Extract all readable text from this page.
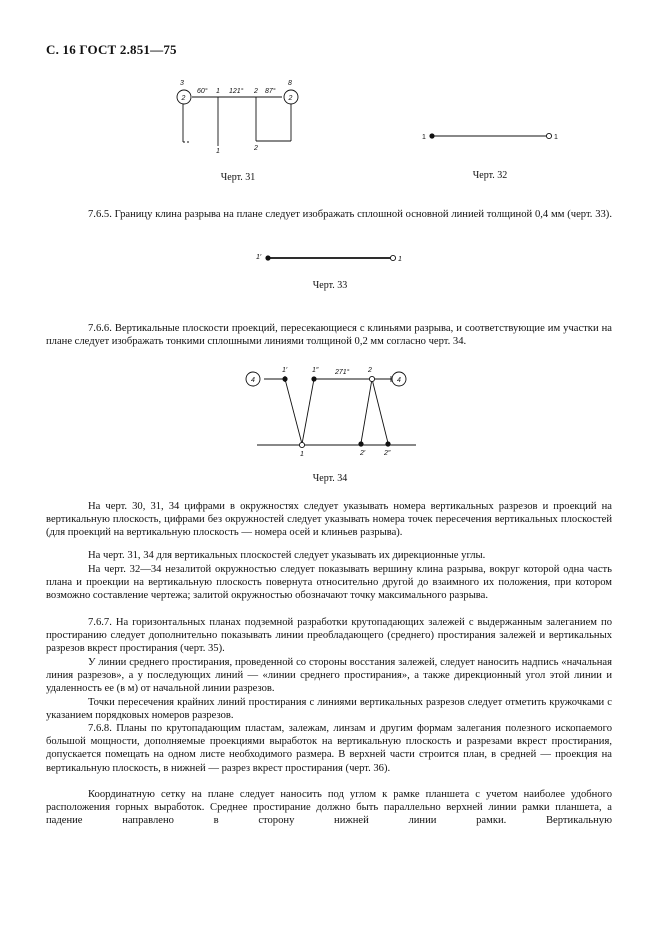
С. 16 ГОСТ 2.851—75
3
2
8
2
60° 1 121° 2 87°
1	2
Черт. 31
1	1
Черт. 32

7.6.5. Границу клина разрыва на плане следует изображать сплошной основной линией толщиной 0,4 мм (черт. 33).

1′	1
Черт. 33

7.6.6. Вертикальные плоскости проекций, пересекающиеся с клиньями разрыва, и соответствующие им участки на плане следует изображать тонкими сплошными линиями толщиной 0,2 мм согласно черт. 34.

4	4
1′	1″ 271°	2
1	2′	2″
Черт. 34

На черт. 30, 31, 34 цифрами в окружностях следует указывать номера вертикальных разрезов и проекций на вертикальную плоскость, цифрами без окружностей следует указывать номера точек пересечения вертикальных плоскостей (для проекций на вертикальную плоскость — номера осей и клиньев разрыва).

На черт. 31, 34 для вертикальных плоскостей следует указывать их дирекционные углы.

На черт. 32—34 незалитой окружностью следует показывать вершину клина разрыва, вокруг которой одна часть плана и проекции на вертикальную плоскость повернута относительно другой до взаимного их положения, при котором возможно составление чертежа; залитой окружностью обозначают точку максимального разрыва.

7.6.7. На горизонтальных планах подземной разработки крутопадающих залежей с выдержанным залеганием по простиранию следует дополнительно показывать линии преобладающего (среднего) простирания залежей и вертикальных разрезов вкрест простирания (черт. 35).

У линии среднего простирания, проведенной со стороны восстания залежей, следует наносить надпись «начальная линия разрезов», а у последующих линий — «линии среднего простирания», а также дирекционный угол этой линии и удаленность ее (в м) от начальной линии разрезов.

Точки пересечения крайних линий простирания с линиями вертикальных разрезов следует отметить кружочками с указанием порядковых номеров разрезов.

7.6.8. Планы по крутопадающим пластам, залежам, линзам и другим формам залегания полезного ископаемого большой мощности, дополняемые проекциями выработок на вертикальную плоскость и разрезами вкрест простирания, допускается помещать на одном листе необходимого размера. В верхней части строится план, в средней — проекция на вертикальную плоскость, в нижней — разрез вкрест простирания (черт. 36).

Координатную сетку на плане следует наносить под углом к рамке планшета с учетом наиболее удобного расположения горных выработок. Среднее простирание должно быть параллельно верхней линии рамки планшета, а падение направлено в сторону нижней линии рамки. Вертикальную
